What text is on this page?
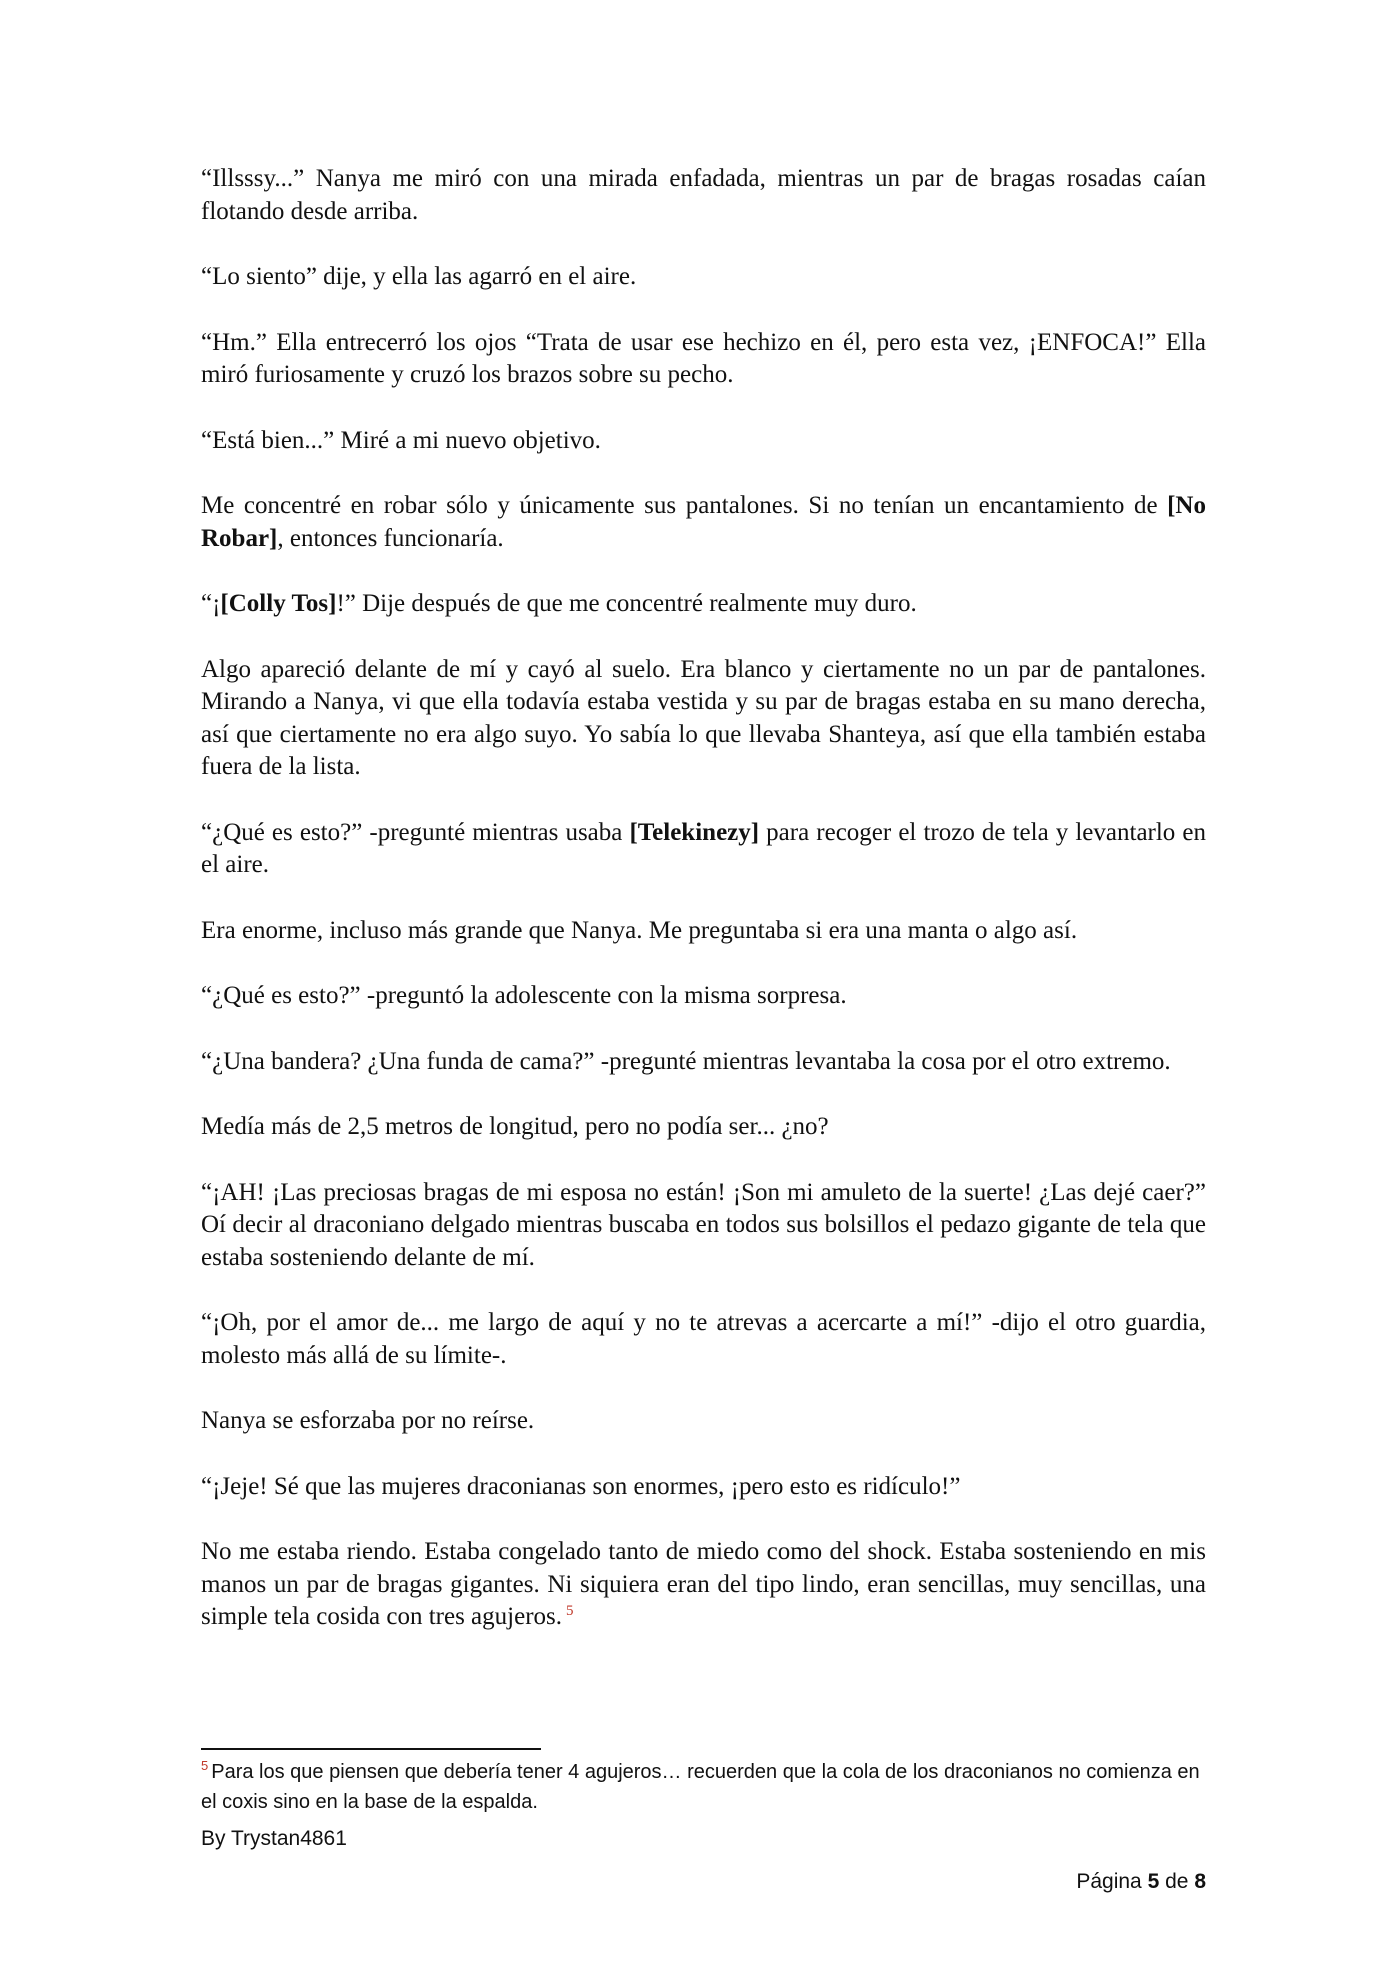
“Illsssy...” Nanya me miró con una mirada enfadada, mientras un par de bragas rosadas caían flotando desde arriba.

“Lo siento” dije, y ella las agarró en el aire.

“Hm.” Ella entrecerró los ojos “Trata de usar ese hechizo en él, pero esta vez, ¡ENFOCA!” Ella miró furiosamente y cruzó los brazos sobre su pecho.

“Está bien...” Miré a mi nuevo objetivo.

Me concentré en robar sólo y únicamente sus pantalones. Si no tenían un encantamiento de [No Robar], entonces funcionaría.

“¡[Colly Tos]!” Dije después de que me concentré realmente muy duro.

Algo apareció delante de mí y cayó al suelo. Era blanco y ciertamente no un par de pantalones. Mirando a Nanya, vi que ella todavía estaba vestida y su par de bragas estaba en su mano derecha, así que ciertamente no era algo suyo. Yo sabía lo que llevaba Shanteya, así que ella también estaba fuera de la lista.

“¿Qué es esto?” -pregunté mientras usaba [Telekinezy] para recoger el trozo de tela y levantarlo en el aire.

Era enorme, incluso más grande que Nanya. Me preguntaba si era una manta o algo así.

“¿Qué es esto?” -preguntó la adolescente con la misma sorpresa.

“¿Una bandera? ¿Una funda de cama?” -pregunté mientras levantaba la cosa por el otro extremo.

Medía más de 2,5 metros de longitud, pero no podía ser... ¿no?

“¡AH! ¡Las preciosas bragas de mi esposa no están! ¡Son mi amuleto de la suerte! ¿Las dejé caer?” Oí decir al draconiano delgado mientras buscaba en todos sus bolsillos el pedazo gigante de tela que estaba sosteniendo delante de mí.

“¡Oh, por el amor de... me largo de aquí y no te atrevas a acercarte a mí!” -dijo el otro guardia, molesto más allá de su límite-.

Nanya se esforzaba por no reírse.

“¡Jeje! Sé que las mujeres draconianas son enormes, ¡pero esto es ridículo!”

No me estaba riendo. Estaba congelado tanto de miedo como del shock. Estaba sosteniendo en mis manos un par de bragas gigantes. Ni siquiera eran del tipo lindo, eran sencillas, muy sencillas, una simple tela cosida con tres agujeros. $^5$

$^5$ Para los que piensen que debería tener 4 agujeros… recuerden que la cola de los draconianos no comienza en el coxis sino en la base de la espalda.
By Trystan4861
Página 5 de 8
